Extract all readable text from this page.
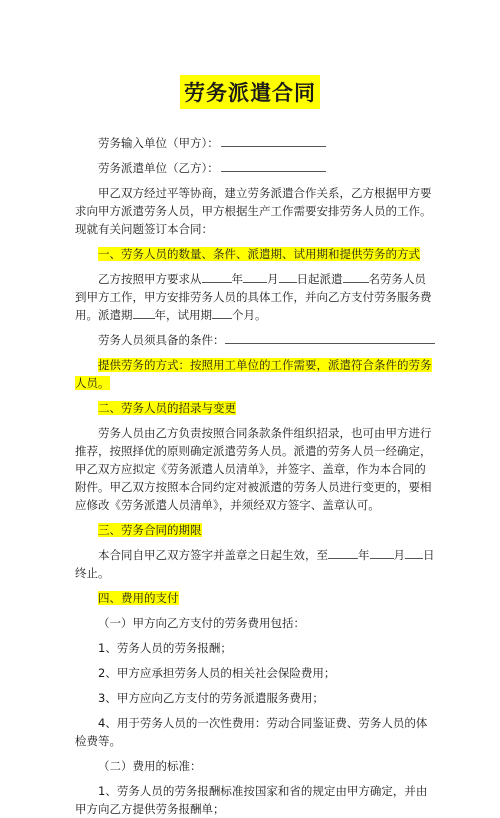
劳务派遣合同

劳务输入单位（甲方）：

劳务派遣单位（乙方）：

甲乙双方经过平等协商，建立劳务派遣合作关系，乙方根据甲方要求向甲方派遣劳务人员，甲方根据生产工作需要安排劳务人员的工作。现就有关问题签订本合同：

一、劳务人员的数量、条件、派遣期、试用期和提供劳务的方式

乙方按照甲方要求从	年 月 日起派遣 名劳务人员到甲方工作，甲方安排劳务人员的具体工作，并向乙方支付劳务服务费用。派遣期 年，试用期 个月。

劳务人员须具备的条件：

提供劳务的方式：按照用工单位的工作需要，派遣符合条件的劳务人员。

二、劳务人员的招录与变更

劳务人员由乙方负责按照合同条款条件组织招录，也可由甲方进行推荐，按照择优的原则确定派遣劳务人员。派遣的劳务人员一经确定，甲乙双方应拟定《劳务派遣人员清单》，并签字、盖章，作为本合同的附件。甲乙双方按照本合同约定对被派遣的劳务人员进行变更的，要相应修改《劳务派遣人员清单》，并须经双方签字、盖章认可。

三、劳务合同的期限

本合同自甲乙双方签字并盖章之日起生效，至	年 月 日终止。

四、费用的支付

（一）甲方向乙方支付的劳务费用包括：

1、劳务人员的劳务报酬；

2、甲方应承担劳务人员的相关社会保险费用；

3、甲方应向乙方支付的劳务派遣服务费用；

4、用于劳务人员的一次性费用：劳动合同鉴证费、劳务人员的体检费等。

（二）费用的标准：

1、劳务人员的劳务报酬标准按国家和省的规定由甲方确定，并由甲方向乙方提供劳务报酬单；
